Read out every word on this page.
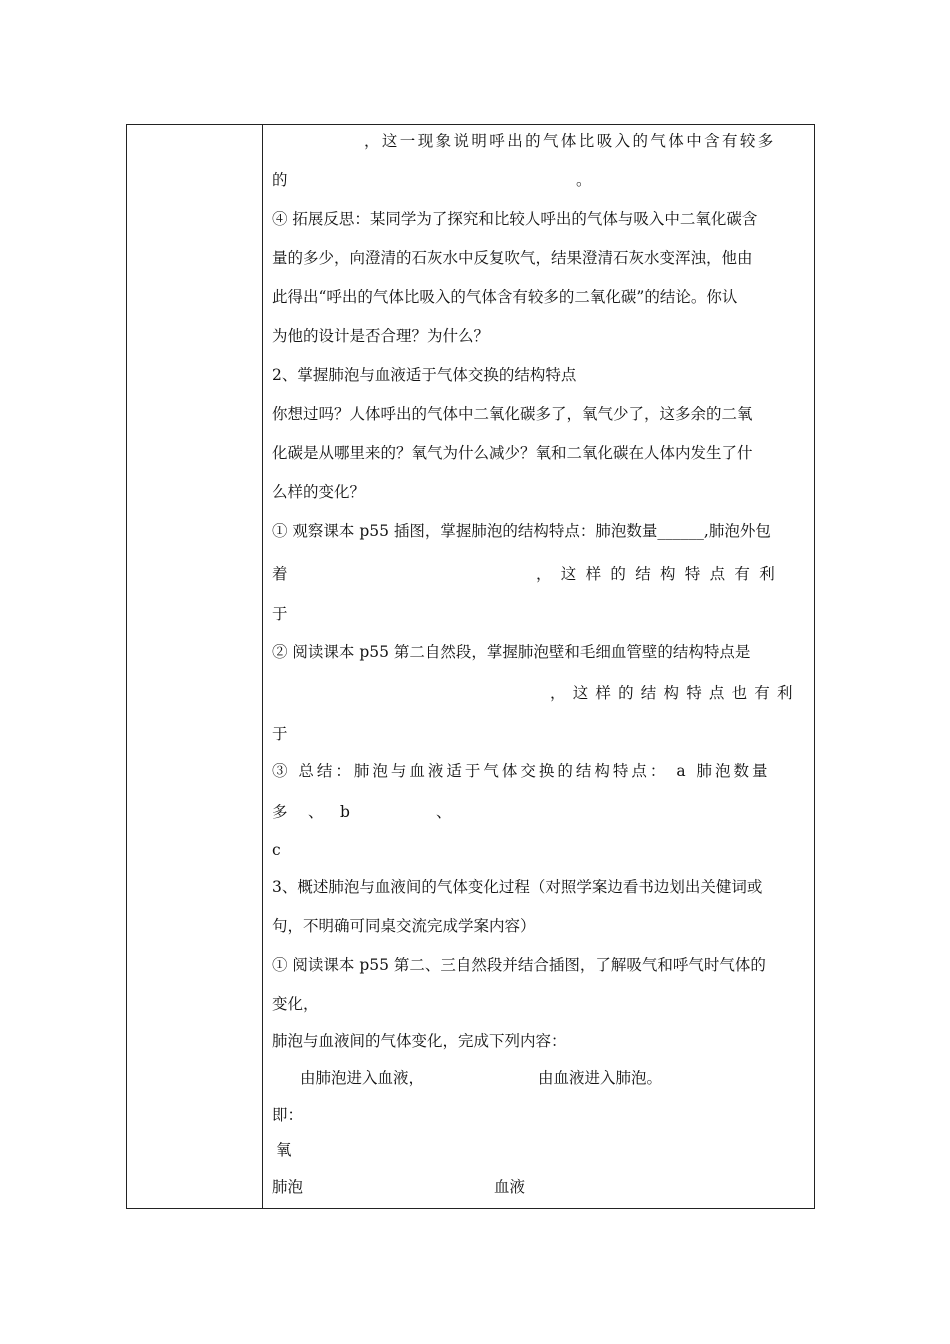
，这一现象说明呼出的气体比吸入的气体中含有较多
的	。
④ 拓展反思：某同学为了探究和比较人呼出的气体与吸入中二氧化碳含
量的多少，向澄清的石灰水中反复吹气，结果澄清石灰水变浑浊，他由
此得出“呼出的气体比吸入的气体含有较多的二氧化碳”的结论。你认
为他的设计是否合理？为什么？
2、掌握肺泡与血液适于气体交换的结构特点
你想过吗？人体呼出的气体中二氧化碳多了，氧气少了，这多余的二氧
化碳是从哪里来的？氧气为什么减少？氧和二氧化碳在人体内发生了什
么样的变化？
① 观察课本 p55 插图，掌握肺泡的结构特点：肺泡数量______,肺泡外包
着	，这样的结构特点有利
于
② 阅读课本 p55 第二自然段，掌握肺泡壁和毛细血管壁的结构特点是
，这样的结构特点也有利
于
③ 总结：肺泡与血液适于气体交换的结构特点： a 肺泡数量
多 、 b	、
c
3、概述肺泡与血液间的气体变化过程（对照学案边看书边划出关健词或
句，不明确可同桌交流完成学案内容）
① 阅读课本 p55 第二、三自然段并结合插图，了解吸气和呼气时气体的
变化，
肺泡与血液间的气体变化，完成下列内容：
由肺泡进入血液，	由血液进入肺泡。
即：
氧
肺泡	血液
